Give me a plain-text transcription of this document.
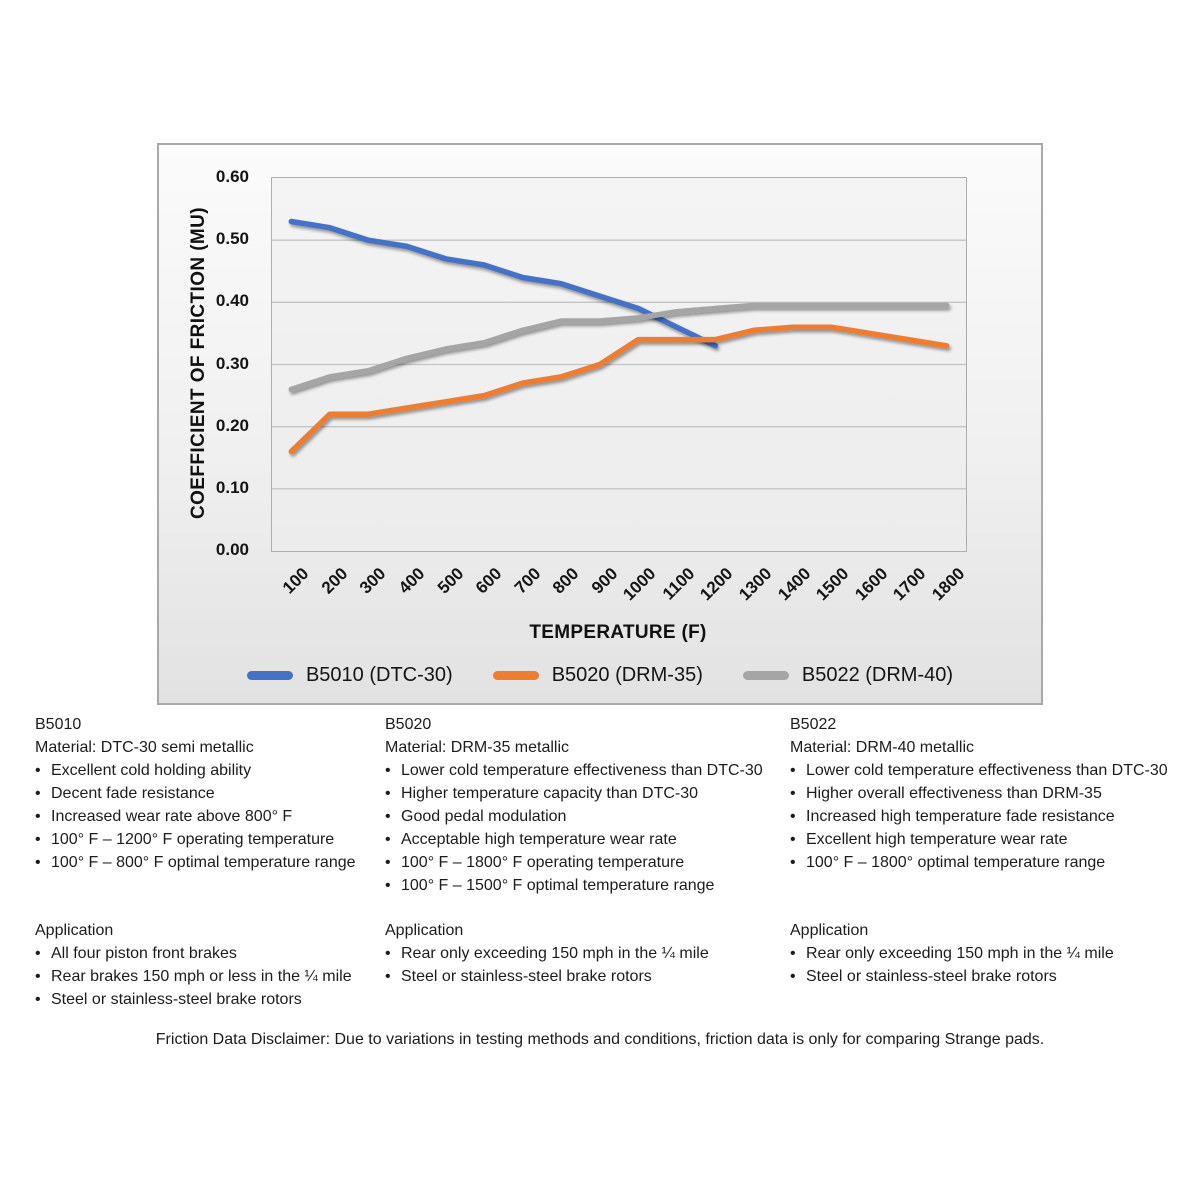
COEFFICIENT OF FRICTION (MU)
0.60
0.50
0.40
0.30
0.20
0.10
0.00
100 200 300 400 500 600 700 800 900
1000 1100
1200
1300
1400
1500
1600
1700
1800
TEMPERATURE (F)
B5010 (DTC-30)	B5020 (DRM-35)	B5022 (DRM-40)
B5010
Material: DTC-30 semi metallic
• Excellent cold holding ability
• Decent fade resistance
• Increased wear rate above 800° F
• 100° F – 1200° F operating temperature
• 100° F – 800° F optimal temperature range
Application
• All four piston front brakes
• Rear brakes 150 mph or less in the ¼ mile
• Steel or stainless-steel brake rotors
B5020
Material: DRM-35 metallic
• Lower cold temperature effectiveness than DTC-30
• Higher temperature capacity than DTC-30
• Good pedal modulation
• Acceptable high temperature wear rate
• 100° F – 1800° F operating temperature
• 100° F – 1500° F optimal temperature range
Application
• Rear only exceeding 150 mph in the ¼ mile
• Steel or stainless-steel brake rotors
B5022
Material: DRM-40 metallic
• Lower cold temperature effectiveness than DTC-30
• Higher overall effectiveness than DRM-35
• Increased high temperature fade resistance
• Excellent high temperature wear rate
• 100° F – 1800° optimal temperature range
Application
• Rear only exceeding 150 mph in the ¼ mile
• Steel or stainless-steel brake rotors
Friction Data Disclaimer: Due to variations in testing methods and conditions, friction data is only for comparing Strange pads.
